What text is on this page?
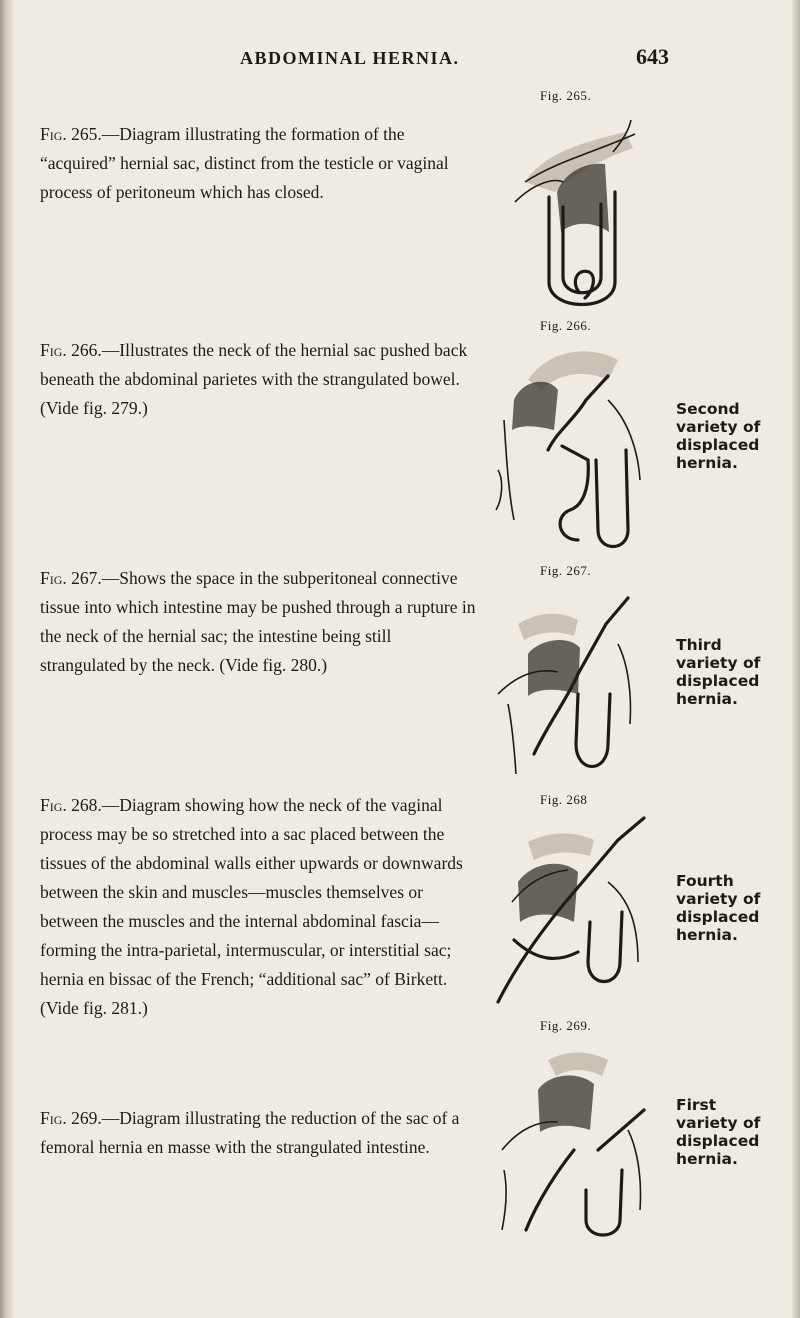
ABDOMINAL HERNIA.	643
Fig. 265.—Diagram illustrating the formation of the “acquired” hernial sac, distinct from the testicle or vaginal process of peritoneum which has closed.
Fig. 266.—Illustrates the neck of the hernial sac pushed back beneath the abdominal parietes with the strangulated bowel. (Vide fig. 279.)
Fig. 267.—Shows the space in the subperitoneal connective tissue into which intestine may be pushed through a rupture in the neck of the hernial sac; the intestine being still strangulated by the neck. (Vide fig. 280.)
Fig. 268.—Diagram showing how the neck of the vaginal process may be so stretched into a sac placed between the tissues of the abdominal walls either upwards or downwards between the skin and muscles—muscles themselves or between the muscles and the internal abdominal fascia—forming the intra-parietal, intermuscular, or interstitial sac; hernia en bissac of the French; “additional sac” of Birkett. (Vide fig. 281.)
Fig. 269.—Diagram illustrating the reduction of the sac of a femoral hernia en masse with the strangulated intestine.
Fig. 265.
Fig. 266.
Fig. 267.
Fig. 268
Fig. 269.
Second
variety of
displaced
hernia.
Third
variety of
displaced
hernia.
Fourth
variety of
displaced
hernia.
First
variety of
displaced
hernia.
